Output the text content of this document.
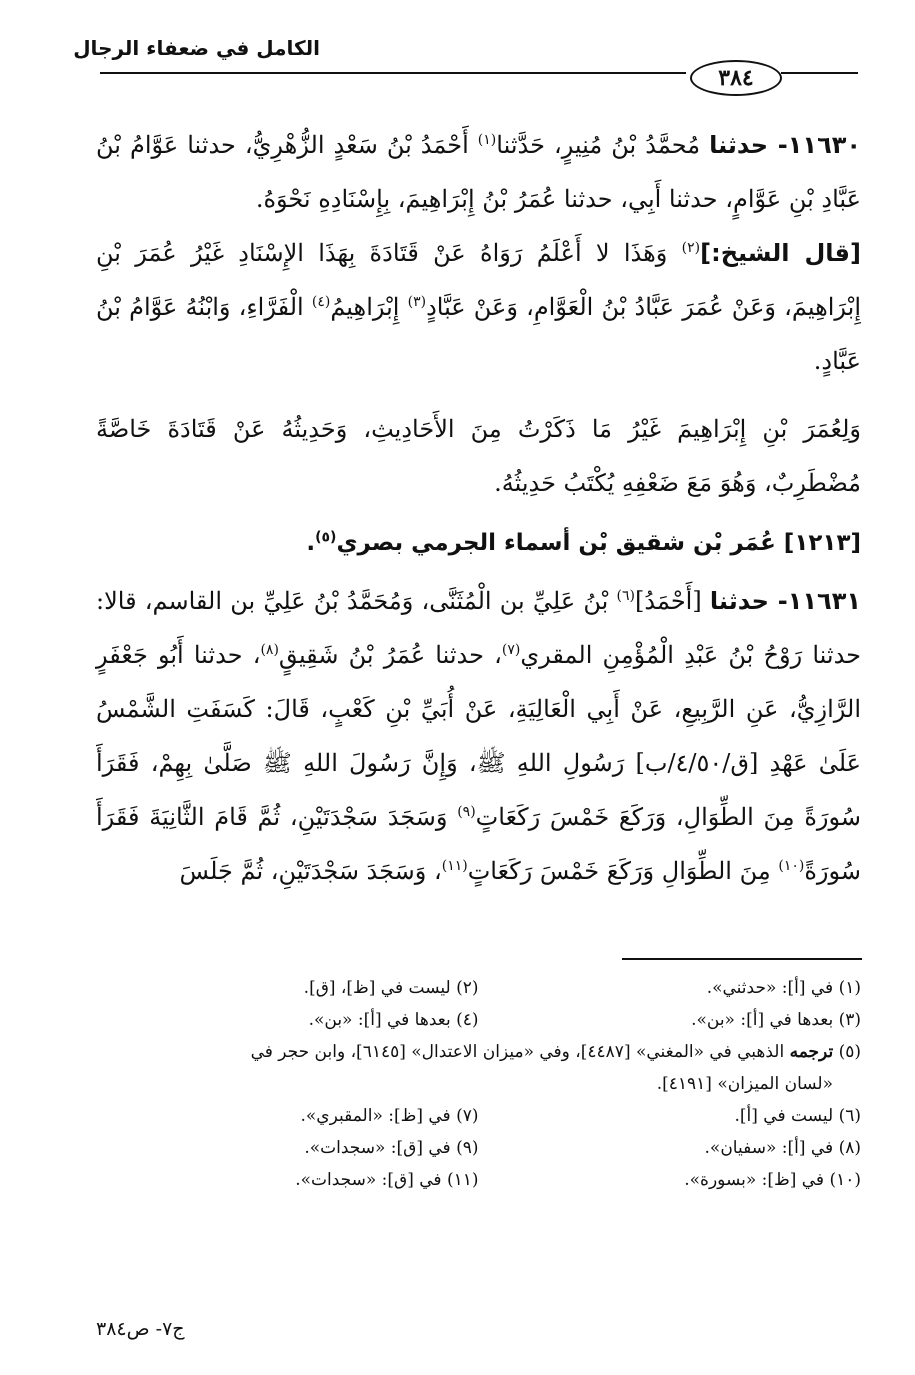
الكامل في ضعفاء الرجال
٣٨٤

١١٦٣٠- حدثنا مُحمَّدُ بْنُ مُنِيرٍ، حَدَّثنا$^{(١)}$ أَحْمَدُ بْنُ سَعْدٍ الزُّهْرِيُّ، حدثنا عَوَّامُ بْنُ عَبَّادِ بْنِ عَوَّامٍ، حدثنا أَبِي، حدثنا عُمَرُ بْنُ إِبْرَاهِيمَ، بِإِسْنَادِهِ نَحْوَهُ.

[قال الشيخ:]$^{(٢)}$ وَهَذَا لا أَعْلَمُ رَوَاهُ عَنْ قَتَادَةَ بِهَذَا الإِسْنَادِ غَيْرُ عُمَرَ بْنِ إِبْرَاهِيمَ، وَعَنْ عُمَرَ عَبَّادُ بْنُ الْعَوَّامِ، وَعَنْ عَبَّادٍ$^{(٣)}$ إِبْرَاهِيمُ$^{(٤)}$ الْفَرَّاءِ، وَابْنُهُ عَوَّامُ بْنُ عَبَّادٍ.

وَلِعُمَرَ بْنِ إِبْرَاهِيمَ غَيْرُ مَا ذَكَرْتُ مِنَ الأَحَادِيثِ، وَحَدِيثُهُ عَنْ قَتَادَةَ خَاصَّةً مُضْطَرِبٌ، وَهُوَ مَعَ ضَعْفِهِ يُكْتَبُ حَدِيثُهُ.

[١٢١٣] عُمَر بْن شقيق بْن أسماء الجرمي بصري$^{(٥)}$.

١١٦٣١- حدثنا [أَحْمَدُ]$^{(٦)}$ بْنُ عَلِيِّ بن الْمُثَنَّى، وَمُحَمَّدُ بْنُ عَلِيِّ بن القاسم، قالا: حدثنا رَوْحُ بْنُ عَبْدِ الْمُؤْمِنِ المقري$^{(٧)}$، حدثنا عُمَرُ بْنُ شَقِيقٍ$^{(٨)}$، حدثنا أَبُو جَعْفَرٍ الرَّازِيُّ، عَنِ الرَّبِيعِ، عَنْ أَبِي الْعَالِيَةِ، عَنْ أُبَيِّ بْنِ كَعْبٍ، قَالَ: كَسَفَتِ الشَّمْسُ عَلَىٰ عَهْدِ [ق/٤/٥٠/ب] رَسُولِ اللهِ ﷺ، وَإِنَّ رَسُولَ اللهِ ﷺ صَلَّىٰ بِهِمْ، فَقَرَأَ سُورَةً مِنَ الطِّوَالِ، وَرَكَعَ خَمْسَ رَكَعَاتٍ$^{(٩)}$ وَسَجَدَ سَجْدَتَيْنِ، ثُمَّ قَامَ الثَّانِيَةَ فَقَرَأَ سُورَةً$^{(١٠)}$ مِنَ الطِّوَالِ وَرَكَعَ خَمْسَ رَكَعَاتٍ$^{(١١)}$، وَسَجَدَ سَجْدَتَيْنِ، ثُمَّ جَلَسَ

(١) في [أ]: «حدثني».
(٢) ليست في [ظ]، [ق].
(٣) بعدها في [أ]: «بن».
(٤) بعدها في [أ]: «بن».
(٥) ترجمه الذهبي في «المغني» [٤٤٨٧]، وفي «ميزان الاعتدال» [٦١٤٥]، وابن حجر في
«لسان الميزان» [٤١٩١].
(٦) ليست في [أ].
(٧) في [ظ]: «المقبري».
(٨) في [أ]: «سفيان».
(٩) في [ق]: «سجدات».
(١٠) في [ظ]: «بسورة».
(١١) في [ق]: «سجدات».
ج٧- ص٣٨٤
